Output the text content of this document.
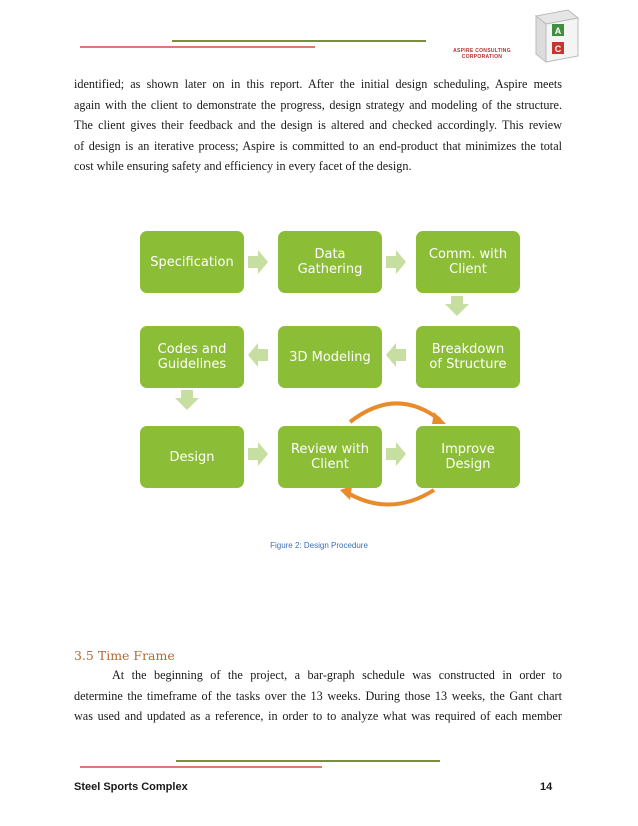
A
C
ASPIRE CONSULTING
CORPORATION
identified; as shown later on in this report. After the initial design scheduling, Aspire meets
again with the client to demonstrate the progress, design strategy and modeling of the structure.
The client gives their feedback and the design is altered and checked accordingly. This review
of design is an iterative process; Aspire is committed to an end-product that minimizes the total
cost while ensuring safety and efficiency in every facet of the design.
Specification	Data
Gathering
Comm. with
Client
Codes and
Guidelines	3D Modeling	Breakdown
of Structure
Design	Review with
Client
Improve
Design
Figure 2: Design Procedure
3.5 Time Frame
At the beginning of the project, a bar-graph schedule was constructed in order to
determine the timeframe of the tasks over the 13 weeks. During those 13 weeks, the Gant chart
was used and updated as a reference, in order to to analyze what was required of each member
Steel Sports Complex	14
